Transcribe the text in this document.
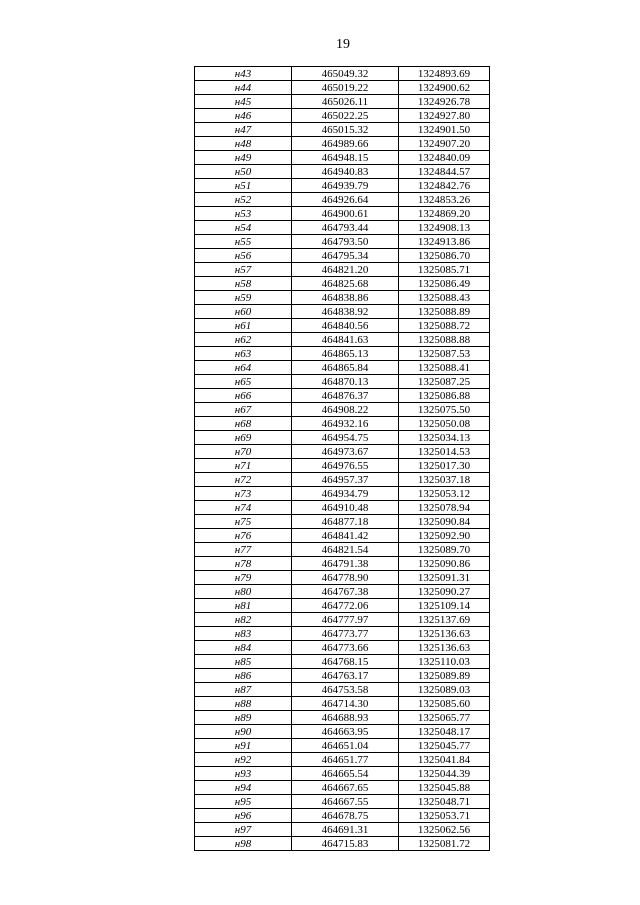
19
н43	465049.32	1324893.69
н44	465019.22	1324900.62
н45	465026.11	1324926.78
н46	465022.25	1324927.80
н47	465015.32	1324901.50
н48	464989.66	1324907.20
н49	464948.15	1324840.09
н50	464940.83	1324844.57
н51	464939.79	1324842.76
н52	464926.64	1324853.26
н53	464900.61	1324869.20
н54	464793.44	1324908.13
н55	464793.50	1324913.86
н56	464795.34	1325086.70
н57	464821.20	1325085.71
н58	464825.68	1325086.49
н59	464838.86	1325088.43
н60	464838.92	1325088.89
н61	464840.56	1325088.72
н62	464841.63	1325088.88
н63	464865.13	1325087.53
н64	464865.84	1325088.41
н65	464870.13	1325087.25
н66	464876.37	1325086.88
н67	464908.22	1325075.50
н68	464932.16	1325050.08
н69	464954.75	1325034.13
н70	464973.67	1325014.53
н71	464976.55	1325017.30
н72	464957.37	1325037.18
н73	464934.79	1325053.12
н74	464910.48	1325078.94
н75	464877.18	1325090.84
н76	464841.42	1325092.90
н77	464821.54	1325089.70
н78	464791.38	1325090.86
н79	464778.90	1325091.31
н80	464767.38	1325090.27
н81	464772.06	1325109.14
н82	464777.97	1325137.69
н83	464773.77	1325136.63
н84	464773.66	1325136.63
н85	464768.15	1325110.03
н86	464763.17	1325089.89
н87	464753.58	1325089.03
н88	464714.30	1325085.60
н89	464688.93	1325065.77
н90	464663.95	1325048.17
н91	464651.04	1325045.77
н92	464651.77	1325041.84
н93	464665.54	1325044.39
н94	464667.65	1325045.88
н95	464667.55	1325048.71
н96	464678.75	1325053.71
н97	464691.31	1325062.56
н98	464715.83	1325081.72
